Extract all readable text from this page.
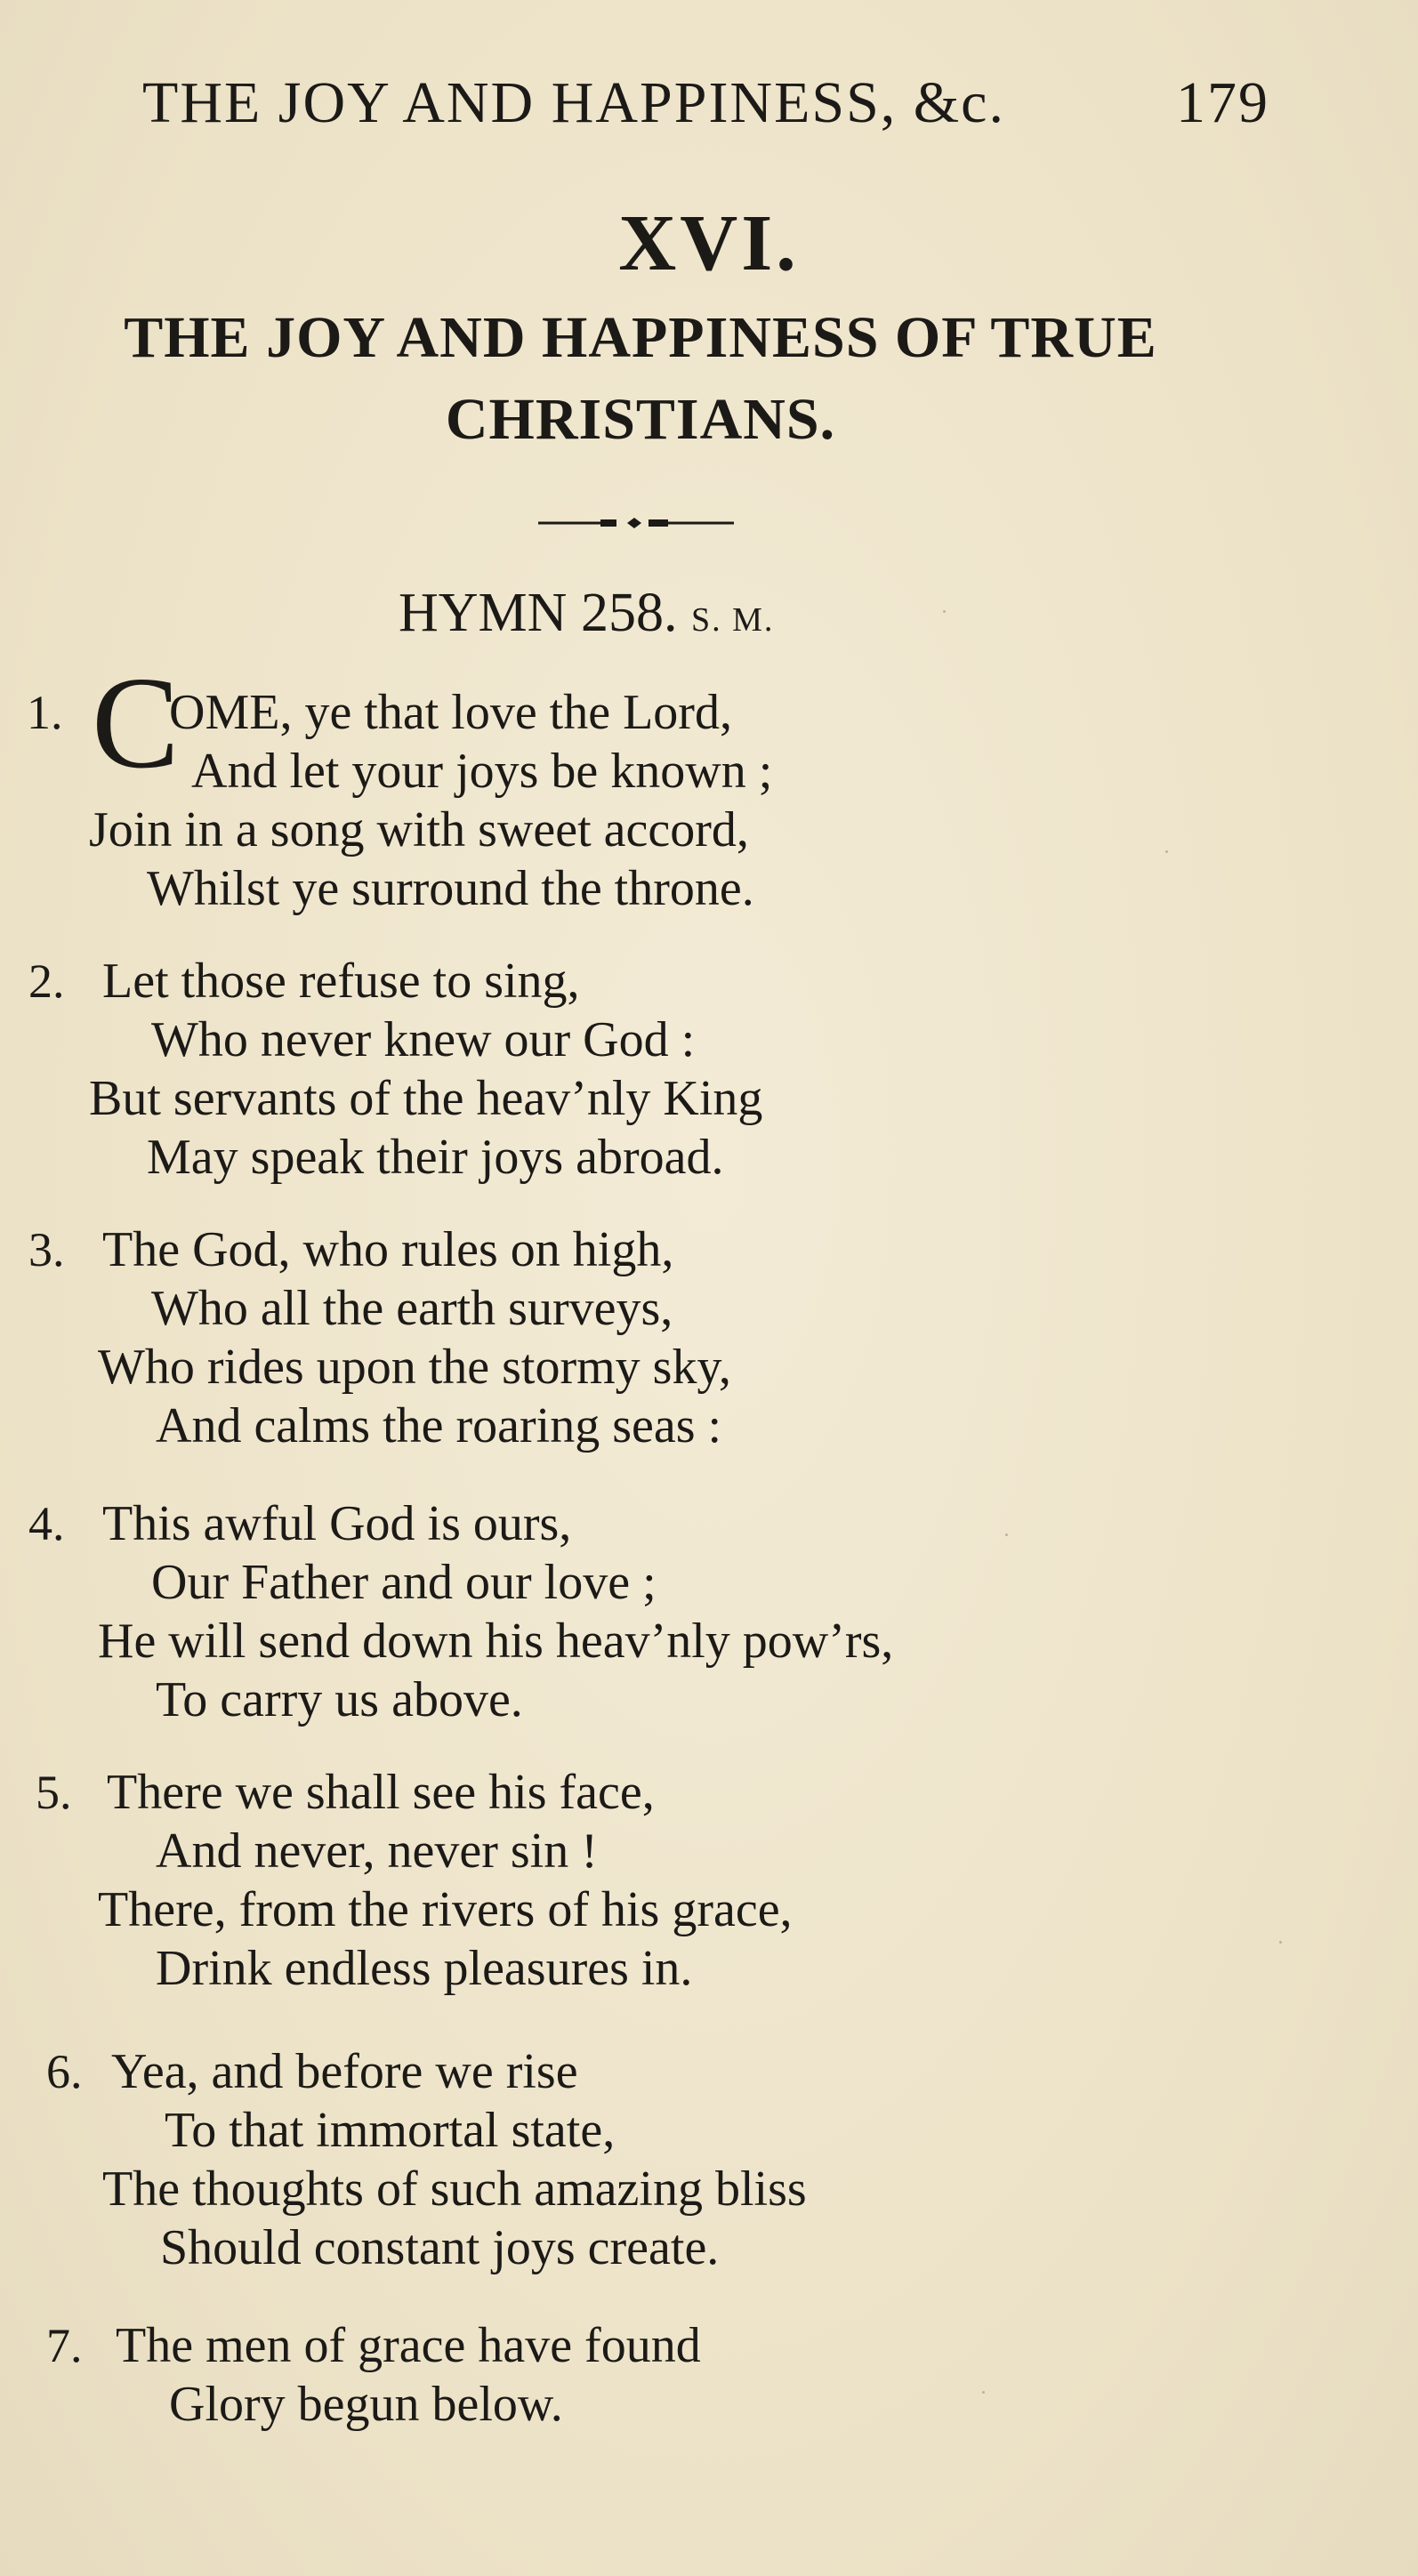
THE JOY AND HAPPINESS, &c.	179
XVI.
THE JOY AND HAPPINESS OF TRUE
CHRISTIANS.
HYMN 258. S. M.
1. C
OME, ye that love the Lord,
And let your joys be known ;
Join in a song with sweet accord,
Whilst ye surround the throne.
2. Let those refuse to sing,
Who never knew our God :
But servants of the heav’nly King
May speak their joys abroad.
3. The God, who rules on high,
Who all the earth surveys,
Who rides upon the stormy sky,
And calms the roaring seas :
4. This awful God is ours,
Our Father and our love ;
He will send down his heav’nly pow’rs,
To carry us above.
5. There we shall see his face,
And never, never sin !
There, from the rivers of his grace,
Drink endless pleasures in.
6. Yea, and before we rise
To that immortal state,
The thoughts of such amazing bliss
Should constant joys create.
7. The men of grace have found
Glory begun below.
